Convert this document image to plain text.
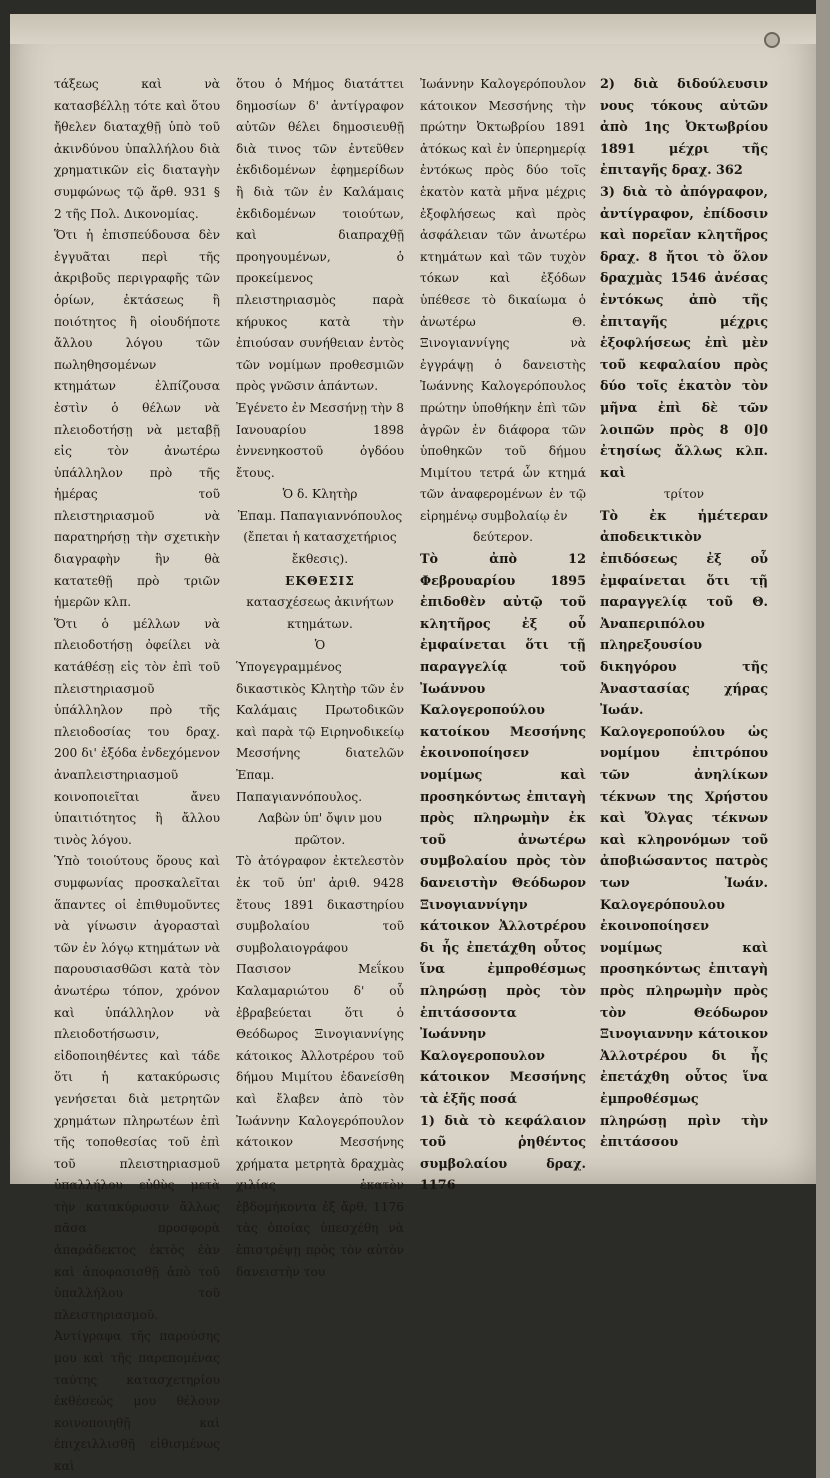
τάξεως καὶ νὰ κατασβέλλῃ τότε καὶ ὅτου ἤθελεν διαταχθῇ ὑπὸ τοῦ ἀκινδύνου ὑπαλλήλου διὰ χρηματικῶν εἰς διαταγὴν συμφώνως τῷ ἄρθ. 931 § 2 τῆς Πολ. Δικονομίας.

Ὅτι ἡ ἐπισπεύδουσα δὲν ἐγγυᾶται περὶ τῆς ἀκριβοῦς περιγραφῆς τῶν ὁρίων, ἐκτάσεως ἢ ποιότητος ἢ οἱουδήποτε ἄλλου λόγου τῶν πωληθησομένων κτημάτων ἐλπίζουσα ἐστὶν ὁ θέλων νὰ πλειοδοτήσῃ νὰ μεταβῇ εἰς τὸν ἀνωτέρω ὑπάλληλον πρὸ τῆς ἡμέρας τοῦ πλειστηριασμοῦ νὰ παρατηρήσῃ τὴν σχετικὴν διαγραφὴν ἣν θὰ κατατεθῇ πρὸ τριῶν ἡμερῶν κλπ.

Ὅτι ὁ μέλλων νὰ πλειοδοτήσῃ ὀφείλει νὰ κατάθέσῃ εἰς τὸν ἐπὶ τοῦ πλειστηριασμοῦ ὑπάλληλον πρὸ τῆς πλειοδοσίας του δραχ. 200 δι' ἐξόδα ἐνδεχόμενον ἀναπλειστηριασμοῦ κοινοποιεῖται ἄνευ ὑπαιτιότητος ἢ ἄλλου τινὸς λόγου.

Ὑπὸ τοιούτους ὅρους καὶ συμφωνίας προσκαλεῖται ἅπαντες οἱ ἐπιθυμοῦντες νὰ γίνωσιν ἀγορασταὶ τῶν ἐν λόγῳ κτημάτων νὰ παρουσιασθῶσι κατὰ τὸν ἀνωτέρω τόπον, χρόνον καὶ ὑπάλληλον νὰ πλειοδοτήσωσιν, εἰδοποιηθέντες καὶ τάδε ὅτι ἡ κατακύρωσις γενήσεται διὰ μετρητῶν χρημάτων πληρωτέων ἐπὶ τῆς τοποθεσίας τοῦ ἐπὶ τοῦ πλειστηριασμοῦ ὑπαλλήλου εὐθὺς μετὰ τὴν κατακύρωσιν ἄλλως πᾶσα προσφορὰ ἀπαράδεκτος ἐκτὸς ἐὰν καὶ ἀποφασισθῇ ἀπὸ τοῦ ὑπαλλήλου τοῦ πλειστηριασμοῦ.

Ἀντίγραφα τῆς παρούσης μου καὶ τῆς παρεπομένας ταύτης κατασχετηρίου ἐκθέσεώς μου θέλουν κοινοποιηθῇ καὶ ἐπιχειλλισθῇ εἰθισμένως καὶ

ὅτου ὁ Μήμος διατάττει δημοσίων δ' ἀντίγραφον αὐτῶν θέλει δημοσιευθῇ διὰ τινος τῶν ἐντεῦθεν ἐκδιδομένων ἐφημερίδων ἢ διὰ τῶν ἐν Καλάμαις ἐκδιδομένων τοιούτων, καὶ διαπραχθῇ προηγουμένων, ὁ προκείμενος πλειστηριασμὸς παρὰ κήρυκος κατὰ τὴν ἐπιούσαν συνήθειαν ἐντὸς τῶν νομίμων προθεσμιῶν πρὸς γνῶσιν ἁπάντων.

Ἐγένετο ἐν Μεσσήνῃ τὴν 8 Ιανουαρίου 1898 ἐννενηκοστοῦ ὀγδόου ἔτους.

Ὁ δ. Κλητὴρ

Ἐπαμ. Παπαγιαννόπουλος

(ἔπεται ἡ κατασχετήριος ἔκθεσις).

ΕΚΘΕΣΙΣ

κατασχέσεως ἀκινήτων κτημάτων.

Ὁ

Ὑπογεγραμμένος δικαστικὸς Κλητὴρ τῶν ἐν Καλάμαις Πρωτοδικῶν καὶ παρὰ τῷ Ειρηνοδικείῳ Μεσσήνης διατελῶν Ἐπαμ. Παπαγιαννόπουλος.

Λαβὼν ὑπ' ὄψιν μου πρῶτον.

Τὸ ἀτόγραφον ἐκτελεστὸν ἐκ τοῦ ὑπ' ἀριθ. 9428 ἔτους 1891 δικαστηρίου συμβολαίου τοῦ συμβολαιογράφου Πασισον Μεΐκου Καλαμαριώτου δ' οὗ ἐβραβεύεται ὅτι ὁ Θεόδωρος Ξινογιαννίγης κάτοικος Ἀλλοτρέρου τοῦ δήμου Μιμίτου ἐδανείσθη καὶ ἔλαβεν ἀπὸ τὸν Ἰωάννην Καλογερόπουλον κάτοικον Μεσσήνης χρήματα μετρητὰ δραχμὰς χιλίας ἑκατὸν ἑβδομήκοντα ἐξ ἄρθ. 1176 τὰς ὁποίας ὑπεσχέθη νὰ ἐπιστρέψῃ πρὸς τὸν αὐτὸν δανειστὴν του

Ἰωάννην Καλογερόπουλον κάτοικον Μεσσήνης τὴν πρώτην Ὀκτωβρίου 1891 ἀτόκως καὶ ἐν ὑπερημερίᾳ ἐντόκως πρὸς δύο τοῖς ἑκατὸν κατὰ μῆνα μέχρις ἐξοφλήσεως καὶ πρὸς ἀσφάλειαν τῶν ἀνωτέρω κτημάτων καὶ τῶν τυχὸν τόκων καὶ ἐξόδων ὑπέθεσε τὸ δικαίωμα ὁ ἀνωτέρω Θ. Ξινογιαννίγης νὰ ἐγγράψῃ ὁ δανειστὴς Ἰωάννης Καλογερόπουλος πρώτην ὑποθήκην ἐπὶ τῶν ἀγρῶν ἐν διάφορα τῶν ὑποθηκῶν τοῦ δήμου Μιμίτου τετρά ὧν κτημά τῶν ἀναφερομένων ἐν τῷ εἰρημένῳ συμβολαίῳ ἐν

δεύτερον.

Τὸ ἀπὸ 12 Φεβρουαρίου 1895 ἐπιδοθὲν αὐτῷ τοῦ κλητῆρος ἐξ οὗ ἐμφαίνεται ὅτι τῇ παραγγελίᾳ τοῦ Ἰωάννου Καλογεροπούλου κατοίκου Μεσσήνης ἐκοινοποίησεν νομίμως καὶ προσηκόντως ἐπιταγὴ πρὸς πληρωμὴν ἐκ τοῦ ἀνωτέρω συμβολαίου πρὸς τὸν δανειστὴν Θεόδωρον Ξινογιαννίγην κάτοικον Ἀλλοτρέρου δι ἧς ἐπετάχθη οὗτος ἵνα ἐμπροθέσμως πληρώσῃ πρὸς τὸν ἐπιτάσσοντα Ἰωάννην Καλογεροπουλον κάτοικον Μεσσήνης τὰ ἑξῆς ποσά

1) διὰ τὸ κεφάλαιον τοῦ ῥηθέντος συμβολαίου δραχ. 1176

2) διὰ διδούλευσιν νους τόκους αὐτῶν ἀπὸ 1ης Ὀκτωβρίου 1891 μέχρι τῆς ἐπιταγῆς δραχ. 362

3) διὰ τὸ ἀπόγραφον, ἀντίγραφον, ἐπίδοσιν καὶ πορεῖαν κλητῆρος δραχ. 8 ἤτοι τὸ ὅλον δραχμὰς 1546 ἀνέσας ἐντόκως ἀπὸ τῆς ἐπιταγῆς μέχρις ἐξοφλήσεως ἐπὶ μὲν τοῦ κεφαλαίου πρὸς δύο τοῖς ἑκατὸν τὸν μῆνα ἐπὶ δὲ τῶν λοιπῶν πρὸς 8 0]0 ἐτησίως ἄλλως κλπ. καὶ

τρίτον

Τὸ ἐκ ἡμέτεραν ἀποδεικτικὸν ἐπιδόσεως ἐξ οὗ ἐμφαίνεται ὅτι τῇ παραγγελίᾳ τοῦ Θ. Ἀναπεριπόλου πληρεξουσίου δικηγόρου τῆς Ἀναστασίας χήρας Ἰωάν. Καλογεροπούλου ὡς νομίμου ἐπιτρόπου τῶν ἀνηλίκων τέκνων της Χρήστου καὶ Ὄλγας τέκνων καὶ κληρονόμων τοῦ ἀποβιώσαντος πατρὸς των Ἰωάν. Καλογερόπουλου ἐκοινοποίησεν νομίμως καὶ προσηκόντως ἐπιταγὴ πρὸς πληρωμὴν πρὸς τὸν Θεόδωρον Ξινογιαννην κάτοικον Ἀλλοτρέρου δι ἧς ἐπετάχθη οὗτος ἵνα ἐμπροθέσμως πληρώσῃ πρὶν τὴν ἐπιτάσσου
